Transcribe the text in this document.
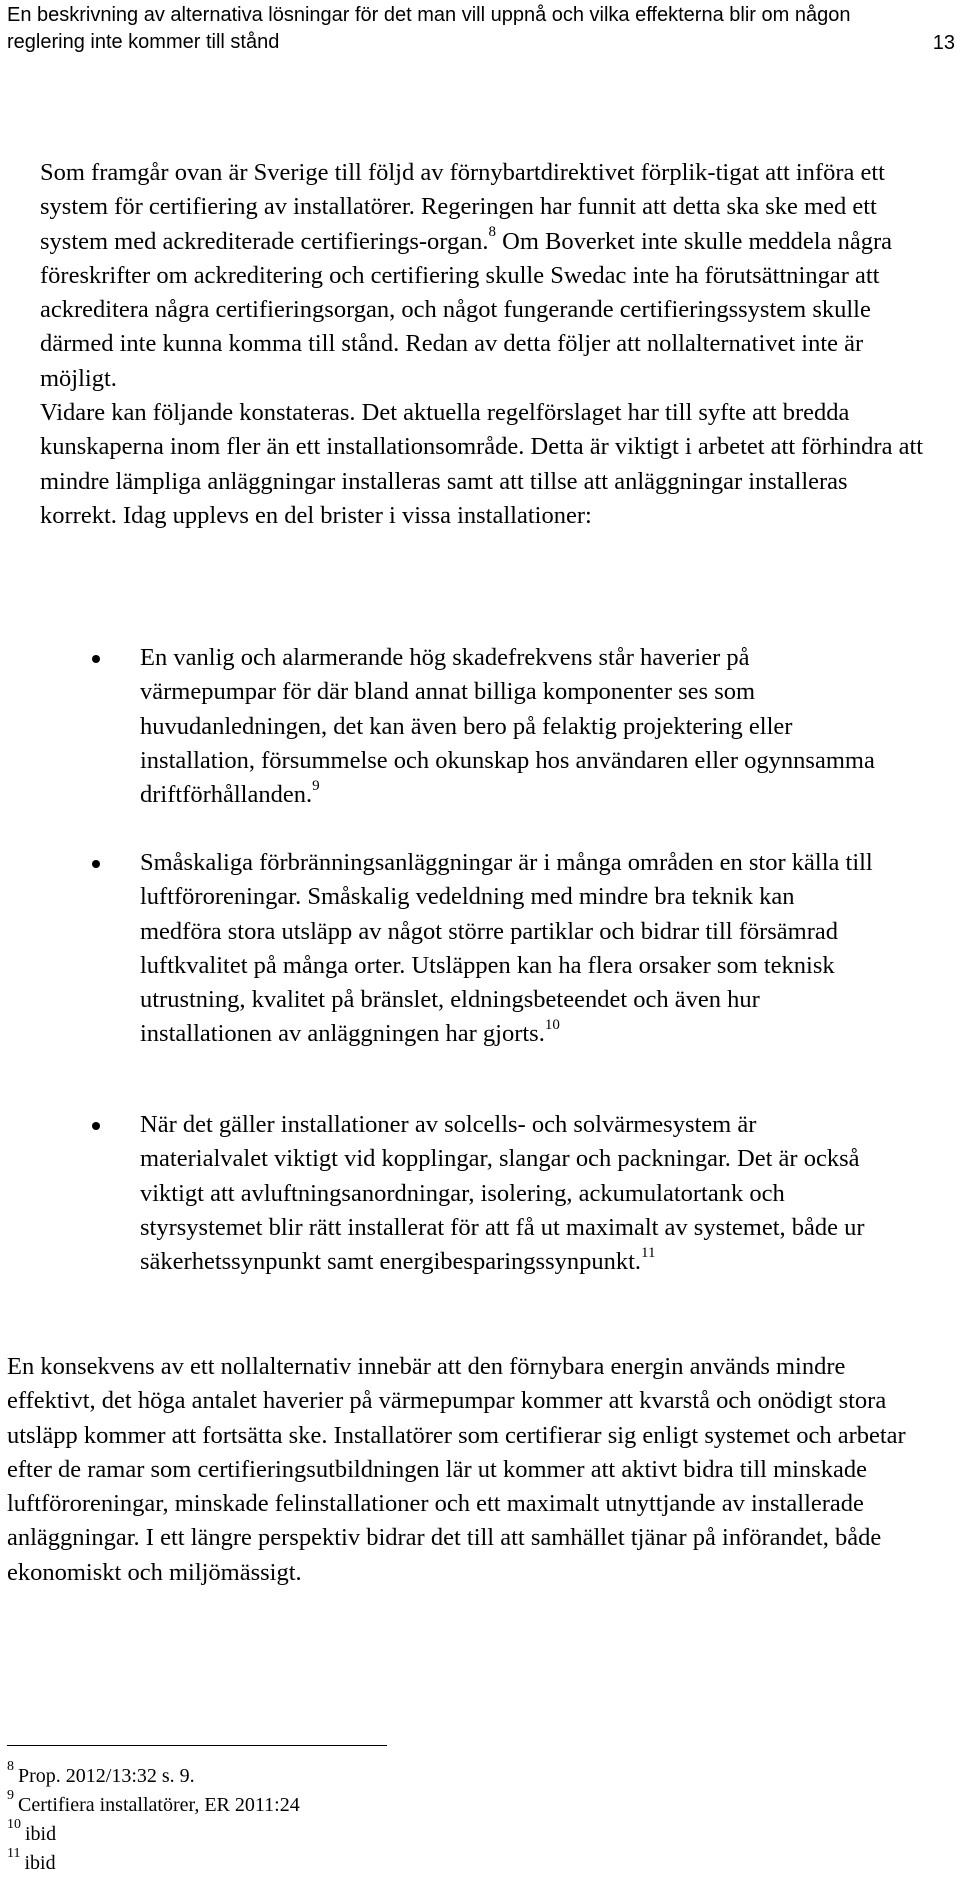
En beskrivning av alternativa lösningar för det man vill uppnå och vilka effekterna blir om någon reglering inte kommer till stånd	13

Som framgår ovan är Sverige till följd av förnybartdirektivet förplik-tigat att införa ett system för certifiering av installatörer. Regeringen har funnit att detta ska ske med ett system med ackrediterade certifierings-organ.$^8$ Om Boverket inte skulle meddela några föreskrifter om ackreditering och certifiering skulle Swedac inte ha förutsättningar att ackreditera några certifieringsorgan, och något fungerande certifieringssystem skulle därmed inte kunna komma till stånd. Redan av detta följer att nollalternativet inte är möjligt.

Vidare kan följande konstateras. Det aktuella regelförslaget har till syfte att bredda kunskaperna inom fler än ett installationsområde. Detta är viktigt i arbetet att förhindra att mindre lämpliga anläggningar installeras samt att tillse att anläggningar installeras korrekt. Idag upplevs en del brister i vissa installationer:

En vanlig och alarmerande hög skadefrekvens står haverier på värmepumpar för där bland annat billiga komponenter ses som huvudanledningen, det kan även bero på felaktig projektering eller installation, försummelse och okunskap hos användaren eller ogynnsamma driftförhållanden.$^9$
Småskaliga förbränningsanläggningar är i många områden en stor källa till luftföroreningar. Småskalig vedeldning med mindre bra teknik kan medföra stora utsläpp av något större partiklar och bidrar till försämrad luftkvalitet på många orter. Utsläppen kan ha flera orsaker som teknisk utrustning, kvalitet på bränslet, eldningsbeteendet och även hur installationen av anläggningen har gjorts.$^{10}$
När det gäller installationer av solcells- och solvärmesystem är materialvalet viktigt vid kopplingar, slangar och packningar. Det är också viktigt att avluftningsanordningar, isolering, ackumulatortank och styrsystemet blir rätt installerat för att få ut maximalt av systemet, både ur säkerhetssynpunkt samt energibesparingssynpunkt.$^{11}$

En konsekvens av ett nollalternativ innebär att den förnybara energin används mindre effektivt, det höga antalet haverier på värmepumpar kommer att kvarstå och onödigt stora utsläpp kommer att fortsätta ske. Installatörer som certifierar sig enligt systemet och arbetar efter de ramar som certifieringsutbildningen lär ut kommer att aktivt bidra till minskade luftföroreningar, minskade felinstallationer och ett maximalt utnyttjande av installerade anläggningar. I ett längre perspektiv bidrar det till att samhället tjänar på införandet, både ekonomiskt och miljömässigt.

$^8$ Prop. 2012/13:32 s. 9.
$^9$ Certifiera installatörer, ER 2011:24
$^{10}$ ibid
$^{11}$ ibid
